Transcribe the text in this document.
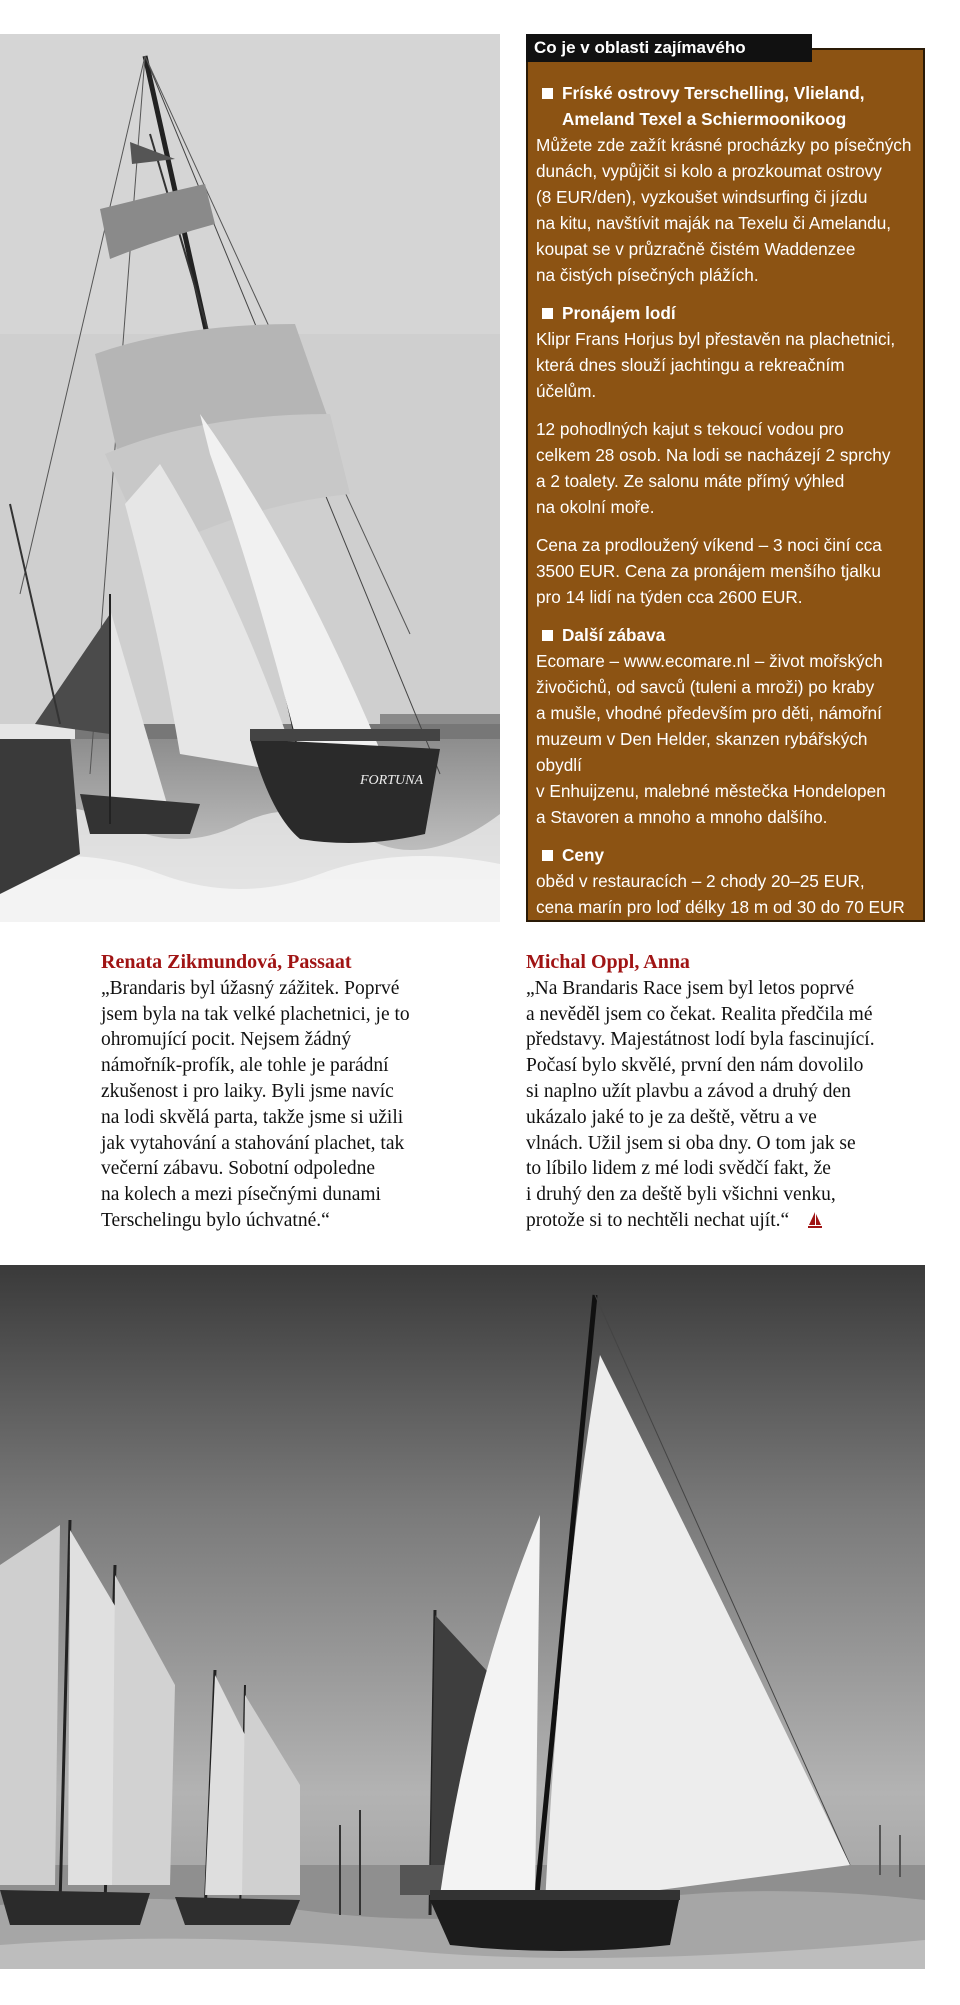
FORTUNA
Fríské ostrovy Terschelling, Vlieland,
Ameland Texel a Schiermoonikoog

Můžete zde zažít krásné procházky po písečných
dunách, vypůjčit si kolo a prozkoumat ostrovy
(8 EUR/den), vyzkoušet windsurfing či jízdu
na kitu, navštívit maják na Texelu či Amelandu,
koupat se v průzračně čistém Waddenzee
na čistých písečných plážích.

Pronájem lodí

Klipr Frans Horjus byl přestavěn na plachetnici,
která dnes slouží jachtingu a rekreačním
účelům.

12 pohodlných kajut s tekoucí vodou pro
celkem 28 osob. Na lodi se nacházejí 2 sprchy
a 2 toalety. Ze salonu máte přímý výhled
na okolní moře.

Cena za prodloužený víkend – 3 noci činí cca
3500 EUR. Cena za pronájem menšího tjalku
pro 14 lidí na týden cca 2600 EUR.

Další zábava

Ecomare – www.ecomare.nl – život mořských
živočichů, od savců (tuleni a mroži) po kraby
a mušle, vhodné především pro děti, námořní
muzeum v Den Helder, skanzen rybářských obydlí
v Enhuijzenu, malebné městečka Hondelopen
a Stavoren a mnoho a mnoho dalšího.

Ceny

oběd v restauracích – 2 chody 20–25 EUR,
cena marín pro loď délky 18 m od 30 do 70 EUR

Co je v oblasti zajímavého
Renata Zikmundová, Passaat
„Brandaris byl úžasný zážitek. Poprvé
jsem byla na tak velké plachetnici, je to
ohromující pocit. Nejsem žádný
námořník-profík, ale tohle je parádní
zkušenost i pro laiky. Byli jsme navíc
na lodi skvělá parta, takže jsme si užili
jak vytahování a stahování plachet, tak
večerní zábavu. Sobotní odpoledne
na kolech a mezi písečnými dunami
Terschelingu bylo úchvatné.“
Michal Oppl, Anna
„Na Brandaris Race jsem byl letos poprvé
a nevěděl jsem co čekat. Realita předčila mé
představy. Majestátnost lodí byla fascinující.
Počasí bylo skvělé, první den nám dovolilo
si naplno užít plavbu a závod a druhý den
ukázalo jaké to je za deště, větru a ve
vlnách. Užil jsem si oba dny. O tom jak se
to líbilo lidem z mé lodi svědčí fakt, že
i druhý den za deště byli všichni venku,
protože si to nechtěli nechat ujít.“
